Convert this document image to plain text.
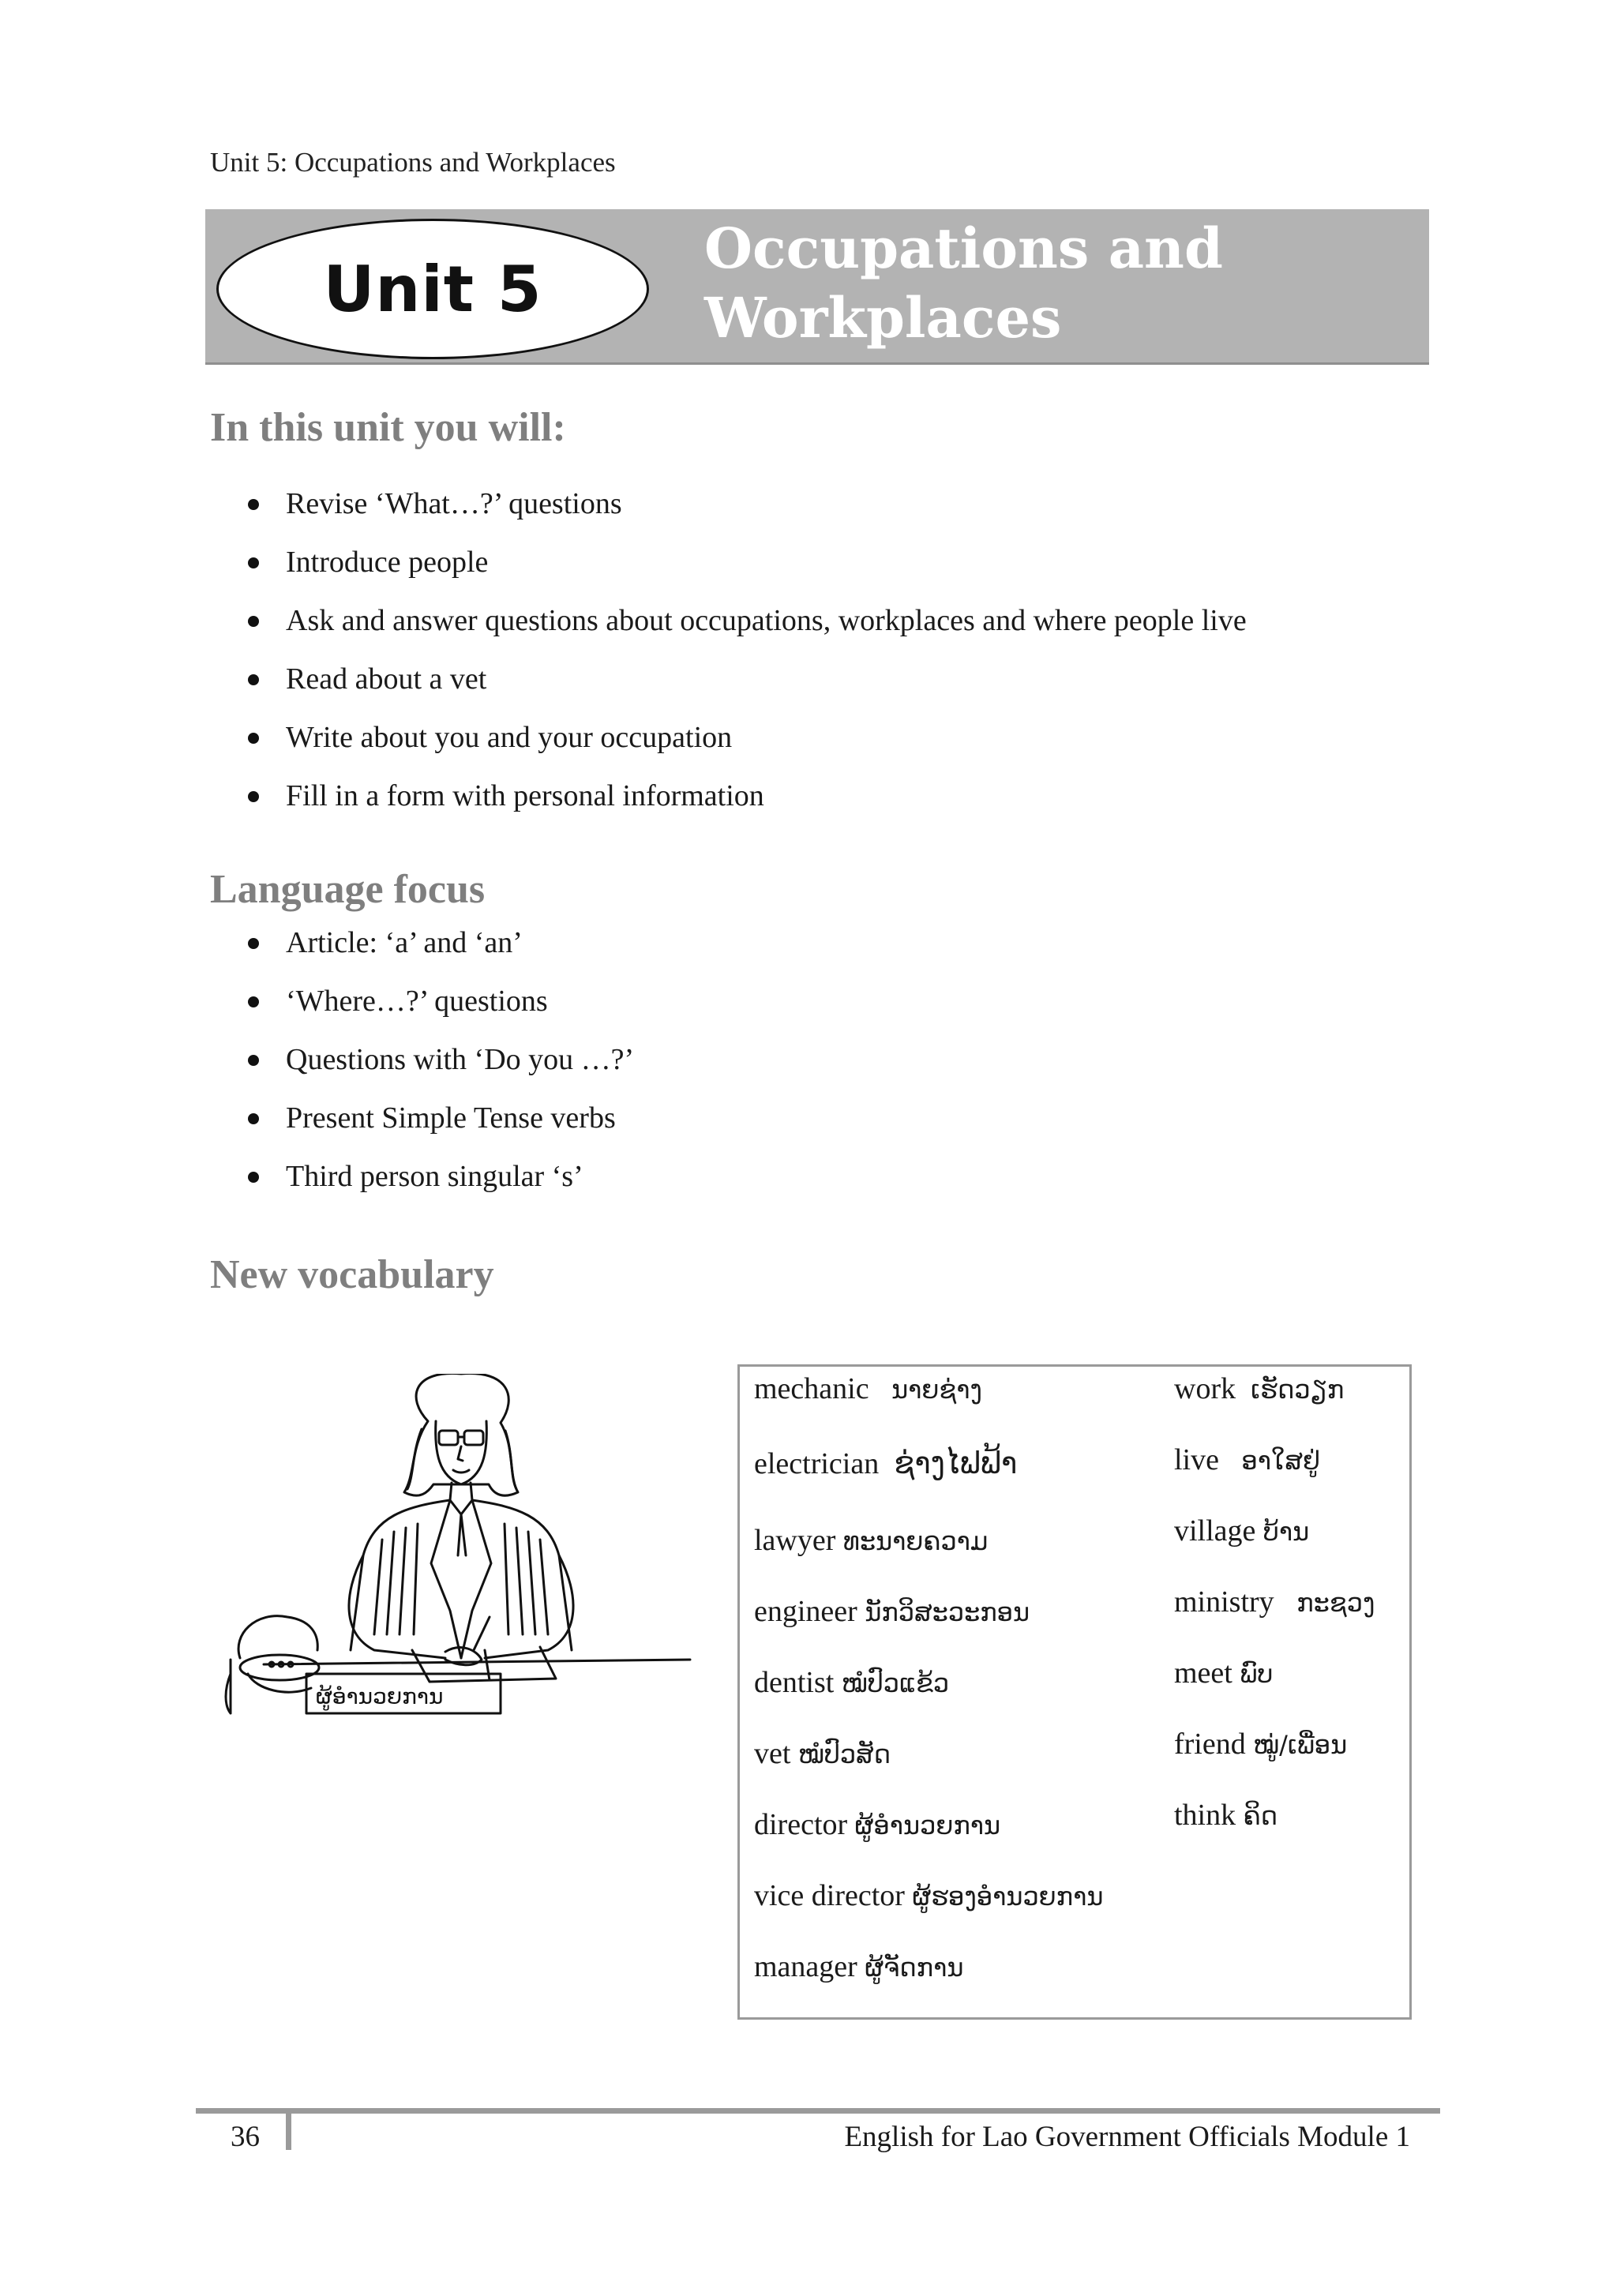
Unit 5: Occupations and Workplaces
Unit 5
Occupations and
Workplaces
In this unit you will:
Revise ‘What…?’ questions
Introduce people
Ask and answer questions about occupations, workplaces and where people live
Read about a vet
Write about you and your occupation
Fill in a form with personal information
Language focus
Article: ‘a’ and ‘an’
‘Where…?’ questions
Questions with ‘Do you …?’
Present Simple Tense verbs
Third person singular ‘s’
New vocabulary
ຜູ້ອໍານວຍການ
mechanic ນາຍຊ່າງ
electrician ຊ່າງໄຟຟ້າ
lawyer ທະນາຍຄວາມ
engineer ນັກວິສະວະກອນ
dentist ໝໍປົວແຂ້ວ
vet ໝໍປົວສັດ
director ຜູ້ອໍານວຍການ
vice director ຜູ້ຮອງອໍານວຍການ
manager ຜູ້ຈັດການ
work ເຮັດວຽກ
live ອາໃສຢູ່
village ບ້ານ
ministry ກະຊວງ
meet ພົບ
friend ໝູ່/ເພື່ອນ
think ຄິດ
36	English for Lao Government Officials Module 1
